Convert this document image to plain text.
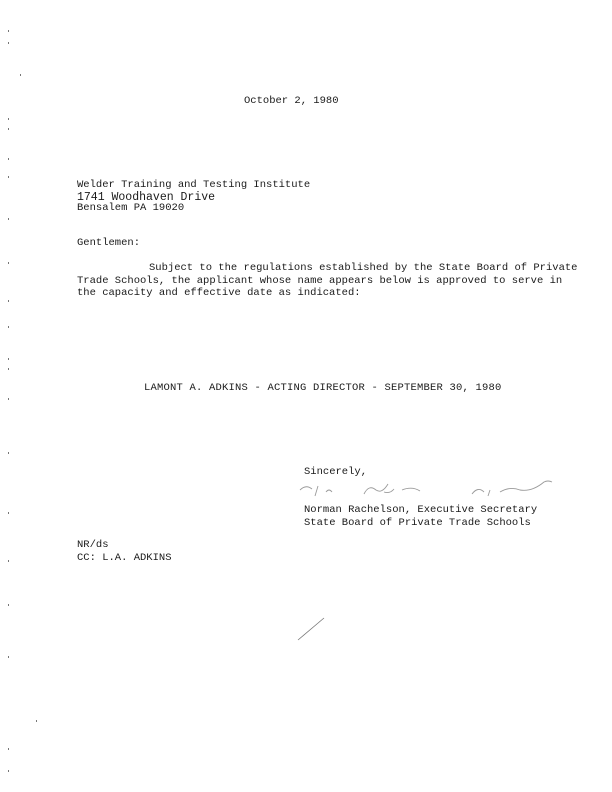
October 2, 1980
Welder Training and Testing Institute
1741 Woodhaven Drive
Bensalem PA 19020
Gentlemen:
Subject to the regulations established by the State Board of Private
Trade Schools, the applicant whose name appears below is approved to serve in
the capacity and effective date as indicated:
LAMONT A. ADKINS - ACTING DIRECTOR - SEPTEMBER 30, 1980
Sincerely,
Norman Rachelson, Executive Secretary
State Board of Private Trade Schools
NR/ds
CC: L.A. ADKINS
